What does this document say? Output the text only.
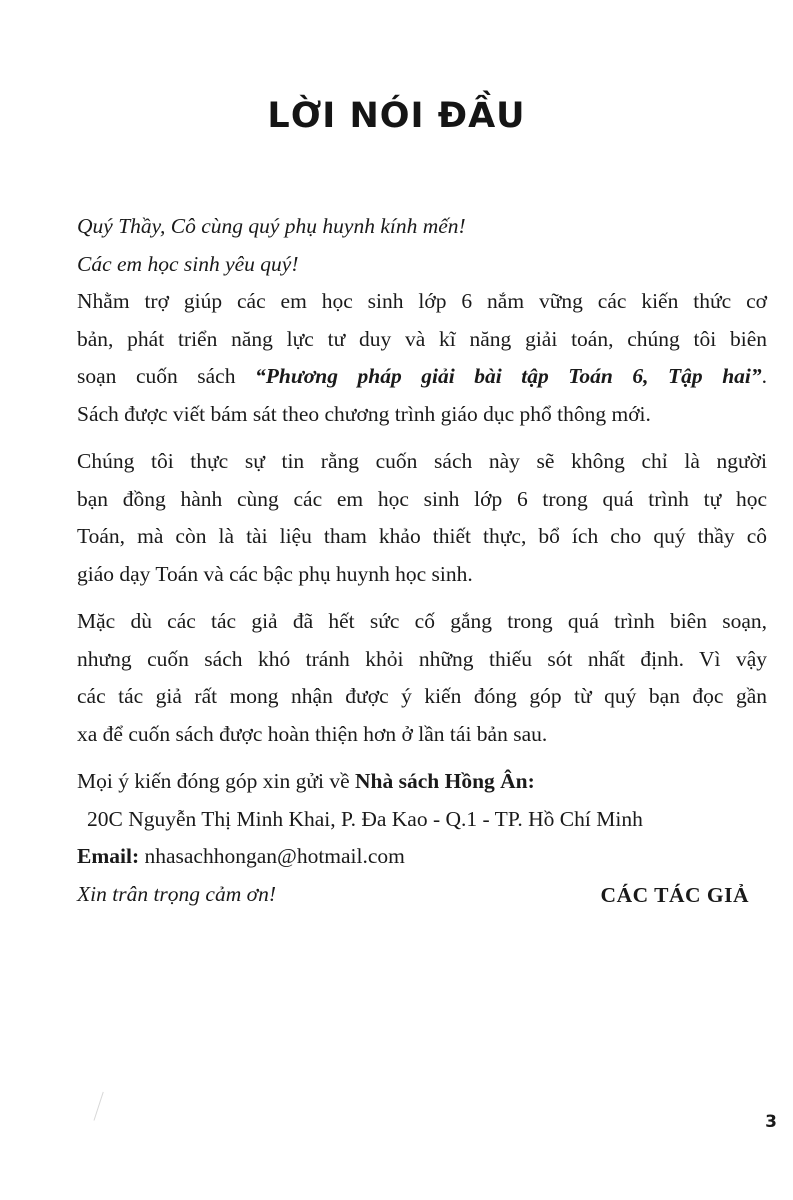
LỜI NÓI ĐẦU
Quý Thầy, Cô cùng quý phụ huynh kính mến!
Các em học sinh yêu quý!
Nhằm trợ giúp các em học sinh lớp 6 nắm vững các kiến thức cơ
bản, phát triển năng lực tư duy và kĩ năng giải toán, chúng tôi biên
soạn cuốn sách “Phương pháp giải bài tập Toán 6, Tập hai”.
Sách được viết bám sát theo chương trình giáo dục phổ thông mới.
Chúng tôi thực sự tin rằng cuốn sách này sẽ không chỉ là người
bạn đồng hành cùng các em học sinh lớp 6 trong quá trình tự học
Toán, mà còn là tài liệu tham khảo thiết thực, bổ ích cho quý thầy cô
giáo dạy Toán và các bậc phụ huynh học sinh.
Mặc dù các tác giả đã hết sức cố gắng trong quá trình biên soạn,
nhưng cuốn sách khó tránh khỏi những thiếu sót nhất định. Vì vậy
các tác giả rất mong nhận được ý kiến đóng góp từ quý bạn đọc gần
xa để cuốn sách được hoàn thiện hơn ở lần tái bản sau.
Mọi ý kiến đóng góp xin gửi về Nhà sách Hồng Ân:
20C Nguyễn Thị Minh Khai, P. Đa Kao - Q.1 - TP. Hồ Chí Minh
Email: nhasachhongan@hotmail.com
Xin trân trọng cảm ơn!	CÁC TÁC GIẢ
3
